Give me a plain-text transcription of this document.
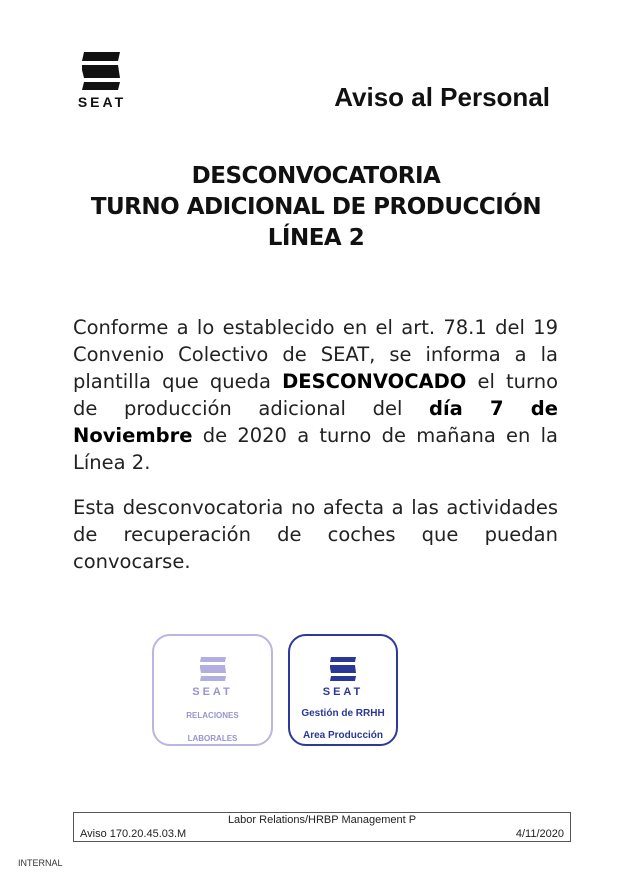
SEAT	Aviso al Personal
DESCONVOCATORIA
TURNO ADICIONAL DE PRODUCCIÓN
LÍNEA 2
Conforme a lo establecido en el art. 78.1 del 19 Convenio Colectivo de SEAT, se informa a la plantilla que queda DESCONVOCADO el turno de producción adicional del día 7 de Noviembre de 2020 a turno de mañana en la Línea 2.
Esta desconvocatoria no afecta a las actividades de recuperación de coches que puedan convocarse.
SEAT
RELACIONES
LABORALES
SEAT
Gestión de RRHH
Area Producción
Labor Relations/HRBP Management P
Aviso 170.20.45.03.M	4/11/2020
INTERNAL
